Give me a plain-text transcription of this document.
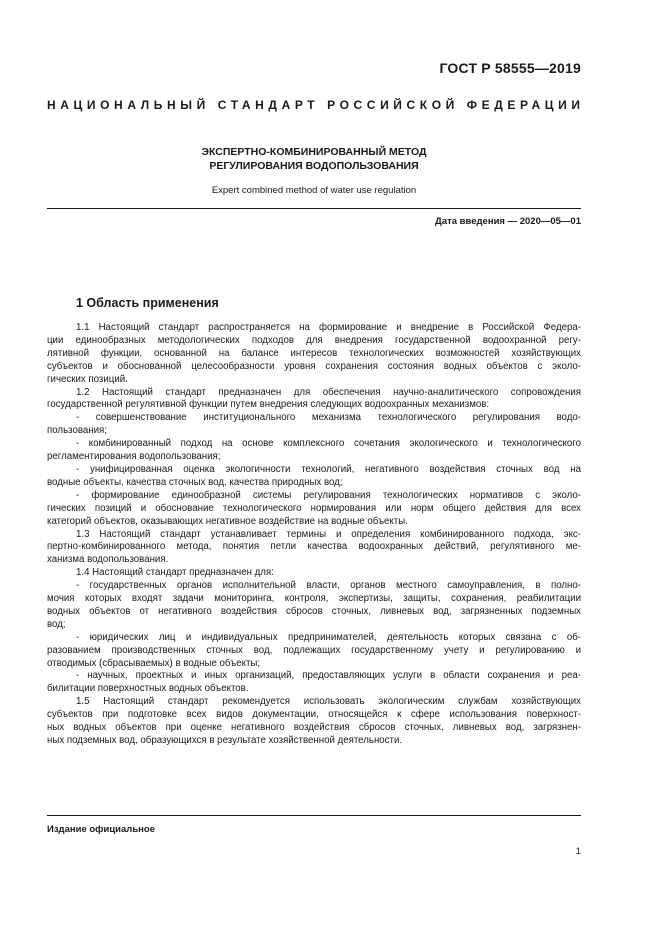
ГОСТ Р 58555—2019
НАЦИОНАЛЬНЫЙ СТАНДАРТ РОССИЙСКОЙ ФЕДЕРАЦИИ
ЭКСПЕРТНО-КОМБИНИРОВАННЫЙ МЕТОД
РЕГУЛИРОВАНИЯ ВОДОПОЛЬЗОВАНИЯ
Expert combined method of water use regulation
Дата введения — 2020—05—01
1 Область применения
1.1 Настоящий стандарт распространяется на формирование и внедрение в Российской Федера-
ции единообразных методологических подходов для внедрения государственной водоохранной регу-
лятивной функции, основанной на балансе интересов технологических возможностей хозяйствующих
субъектов и обоснованной целесообразности уровня сохранения состояния водных объектов с эколо-
гических позиций.
1.2 Настоящий стандарт предназначен для обеспечения научно-аналитического сопровождения
государственной регулятивной функции путем внедрения следующих водоохранных механизмов:
- совершенствование институционального механизма технологического регулирования водо-
пользования;
- комбинированный подход на основе комплексного сочетания экологического и технологического
регламентирования водопользования;
- унифицированная оценка экологичности технологий, негативного воздействия сточных вод на
водные объекты, качества сточных вод, качества природных вод;
- формирование единообразной системы регулирования технологических нормативов с эколо-
гических позиций и обоснование технологического нормирования или норм общего действия для всех
категорий объектов, оказывающих негативное воздействие на водные объекты.
1.3 Настоящий стандарт устанавливает термины и определения комбинированного подхода, экс-
пертно-комбинированного метода, понятия петли качества водоохранных действий, регулятивного ме-
ханизма водопользования.
1.4 Настоящий стандарт предназначен для:
- государственных органов исполнительной власти, органов местного самоуправления, в полно-
мочия которых входят задачи мониторинга, контроля, экспертизы, защиты, сохранения, реабилитации
водных объектов от негативного воздействия сбросов сточных, ливневых вод, загрязненных подземных
вод;
- юридических лиц и индивидуальных предпринимателей, деятельность которых связана с об-
разованием производственных сточных вод, подлежащих государственному учету и регулированию и
отводимых (сбрасываемых) в водные объекты;
- научных, проектных и иных организаций, предоставляющих услуги в области сохранения и реа-
билитации поверхностных водных объектов.
1.5 Настоящий стандарт рекомендуется использовать экологическим службам хозяйствующих
субъектов при подготовке всех видов документации, относящейся к сфере использования поверхност-
ных водных объектов при оценке негативного воздействия сбросов сточных, ливневых вод, загрязнен-
ных подземных вод, образующихся в результате хозяйственной деятельности.
Издание официальное
1
